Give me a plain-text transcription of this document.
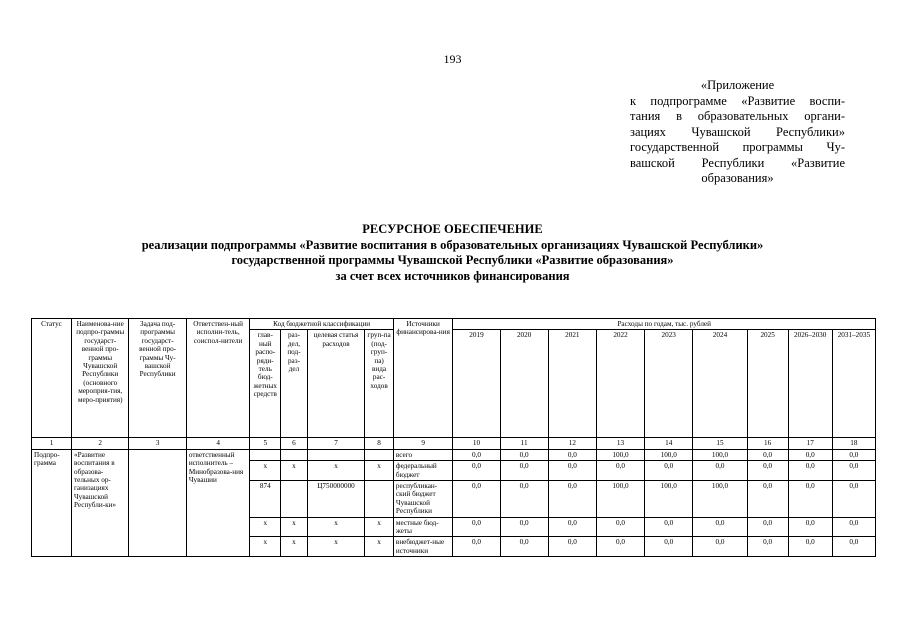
193
«Приложение
к подпрограмме «Развитие воспи-
тания в образовательных органи-
зациях Чувашской Республики»
государственной программы Чу-
вашской Республики «Развитие
образования»
РЕСУРСНОЕ ОБЕСПЕЧЕНИЕ
реализации подпрограммы «Развитие воспитания в образовательных организациях Чувашской Республики»
государственной программы Чувашской Республики «Развитие образования»
за счет всех источников финансирования
Статус	Наименова-ние подпро-граммы государст-венной про-граммы Чувашской Республики (основного мероприя-тия, меро-приятия)	Задача под-программы государст-венной про-граммы Чу-вашской Республики	Ответствен-ный исполни-тель, соиспол-нители	Код бюджетной классификации				Источники финансирова-ния	Расходы по годам, тыс. рублей								
				глав-ный распо-ряди-тель бюд-жетных средств	раз-дел, под-раз-дел	целевая статья расходов	груп-па (под-груп-па) вида рас-ходов		2019	2020	2021	2022	2023	2024	2025	2026–2030	2031–2035
1	2	3	4	5	6	7	8	9	10	11	12	13	14	15	16	17	18
Подпро-грамма	«Развитие воспитания в образова-тельных ор-ганизациях Чувашской Республи-ки»		ответственный исполнитель – Минобразова-ния Чувашии					всего	0,0	0,0	0,0	100,0	100,0	100,0	0,0	0,0	0,0
				х	х	х	х	федеральный бюджет	0,0	0,0	0,0	0,0	0,0	0,0	0,0	0,0	0,0
				874		Ц750000000		республикан-ский бюджет Чувашской Республики	0,0	0,0	0,0	100,0	100,0	100,0	0,0	0,0	0,0
				х	х	х	х	местные бюд-жеты	0,0	0,0	0,0	0,0	0,0	0,0	0,0	0,0	0,0
				х	х	х	х	внебюджет-ные источники	0,0	0,0	0,0	0,0	0,0	0,0	0,0	0,0	0,0
